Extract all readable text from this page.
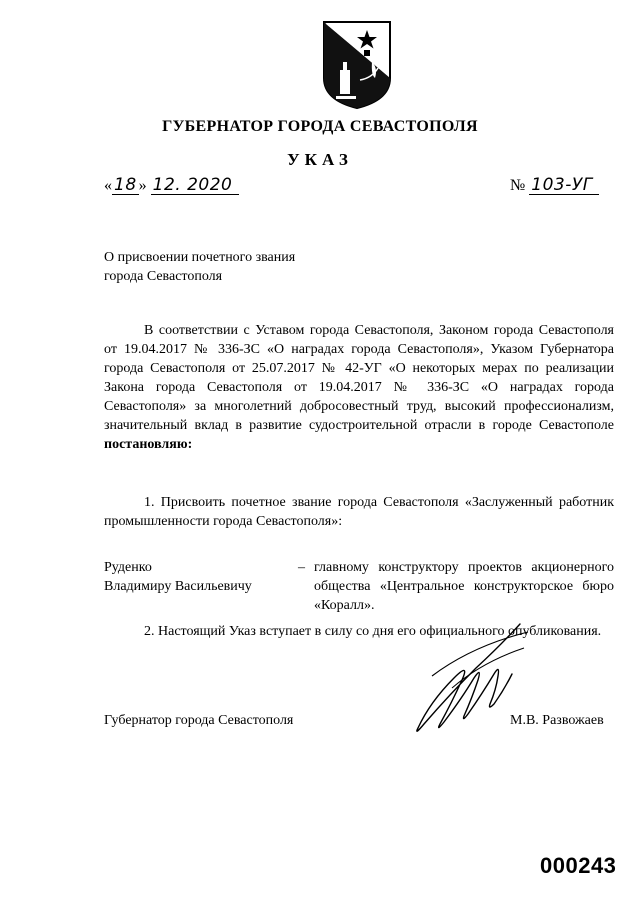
ГУБЕРНАТОР ГОРОДА СЕВАСТОПОЛЯ
УКАЗ
« 18 » 12. 2020	№ 103-УГ
О присвоении почетного звания
города Севастополя
В соответствии с Уставом города Севастополя, Законом города Севастополя от 19.04.2017 № 336-ЗС «О наградах города Севастополя», Указом Губернатора города Севастополя от 25.07.2017 № 42-УГ «О некоторых мерах по реализации Закона города Севастополя от 19.04.2017 № 336-ЗС «О наградах города Севастополя» за многолетний добросовестный труд, высокий профессионализм, значительный вклад в развитие судостроительной отрасли в городе Севастополе постановляю:
1. Присвоить почетное звание города Севастополя «Заслуженный работник промышленности города Севастополя»:
Руденко
Владимиру Васильевичу
– главному конструктору проектов акционерного общества «Центральное конструкторское бюро «Коралл».
2. Настоящий Указ вступает в силу со дня его официального опубликования.
Губернатор города Севастополя	М.В. Развожаев
000243
